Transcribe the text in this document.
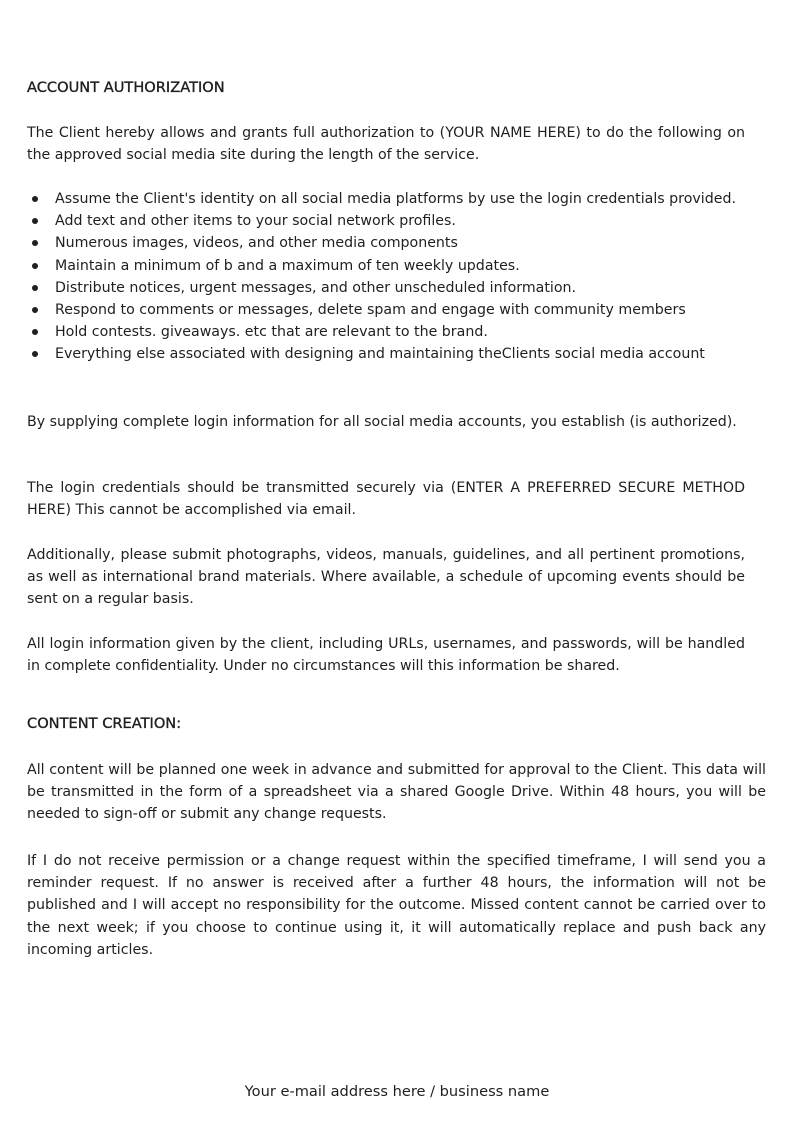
ACCOUNT AUTHORIZATION

The Client hereby allows and grants full authorization to (YOUR NAME HERE) to do the following on the approved social media site during the length of the service.

Assume the Client's identity on all social media platforms by use the login credentials provided.
Add text and other items to your social network profiles.
Numerous images, videos, and other media components
Maintain a minimum of b and a maximum of ten weekly updates.
Distribute notices, urgent messages, and other unscheduled information.
Respond to comments or messages, delete spam and engage with community members
Hold contests. giveaways. etc that are relevant to the brand.
Everything else associated with designing and maintaining theClients social media account

By supplying complete login information for all social media accounts, you establish (is authorized).

The login credentials should be transmitted securely via (ENTER A PREFERRED SECURE METHOD HERE) This cannot be accomplished via email.

Additionally, please submit photographs, videos, manuals, guidelines, and all pertinent promotions, as well as international brand materials. Where available, a schedule of upcoming events should be sent on a regular basis.

All login information given by the client, including URLs, usernames, and passwords, will be handled in complete confidentiality. Under no circumstances will this information be shared.

CONTENT CREATION:

All content will be planned one week in advance and submitted for approval to the Client. This data will be transmitted in the form of a spreadsheet via a shared Google Drive. Within 48 hours, you will be needed to sign-off or submit any change requests.

If I do not receive permission or a change request within the specified timeframe, I will send you a reminder request. If no answer is received after a further 48 hours, the information will not be published and I will accept no responsibility for the outcome. Missed content cannot be carried over to the next week; if you choose to continue using it, it will automatically replace and push back any incoming articles.

Your e-mail address here / business name
